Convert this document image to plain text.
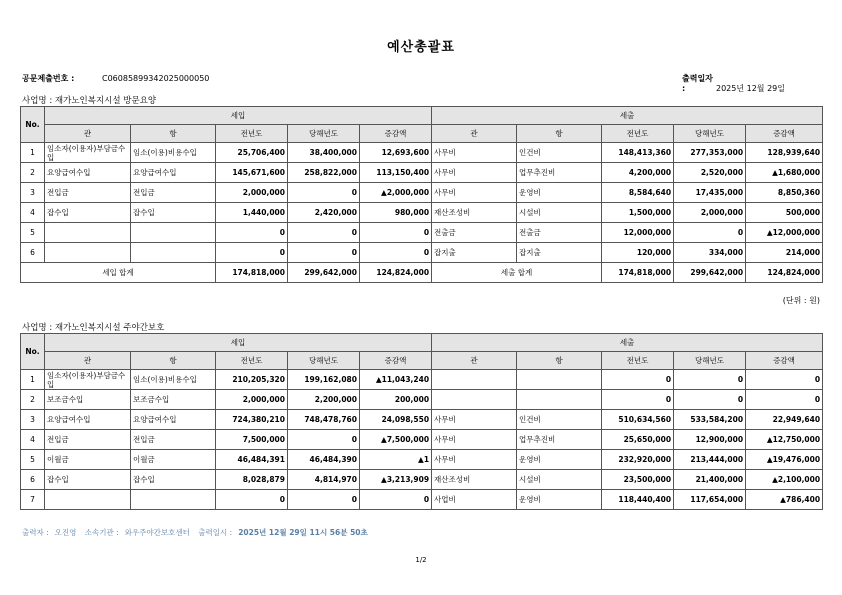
예산총괄표
공문제출번호 :	C06085899342025000050	출력일자 :	2025년 12월 29일
사업명 : 재가노인복지시설 방문요양
No.	세입					세출				
	관	항	전년도	당해년도	증감액	관	항	전년도	당해년도	증감액
1	임소자(이용자)부담금수입	임소(이용)비용수입	25,706,400	38,400,000	12,693,600	사무비	인건비	148,413,360	277,353,000	128,939,640
2	요양급여수입	요양급여수입	145,671,600	258,822,000	113,150,400	사무비	업무추진비	4,200,000	2,520,000	▲1,680,000
3	전입금	전입금	2,000,000	0	▲2,000,000	사무비	운영비	8,584,640	17,435,000	8,850,360
4	잡수입	잡수입	1,440,000	2,420,000	980,000	재산조성비	시설비	1,500,000	2,000,000	500,000
5			0	0	0	전출금	전출금	12,000,000	0	▲12,000,000
6			0	0	0	잡지출	잡지출	120,000	334,000	214,000
세입 합계			174,818,000	299,642,000	124,824,000	세출 합계		174,818,000	299,642,000	124,824,000
(단위 : 원)
사업명 : 재가노인복지시설 주야간보호
No.	세입					세출				
	관	항	전년도	당해년도	증감액	관	항	전년도	당해년도	증감액
1	임소자(이용자)부담금수입	임소(이용)비용수입	210,205,320	199,162,080	▲11,043,240			0	0	0
2	보조금수입	보조금수입	2,000,000	2,200,000	200,000			0	0	0
3	요양급여수입	요양급여수입	724,380,210	748,478,760	24,098,550	사무비	인건비	510,634,560	533,584,200	22,949,640
4	전입금	전입금	7,500,000	0	▲7,500,000	사무비	업무추진비	25,650,000	12,900,000	▲12,750,000
5	이월금	이월금	46,484,391	46,484,390	▲1	사무비	운영비	232,920,000	213,444,000	▲19,476,000
6	잡수입	잡수입	8,028,879	4,814,970	▲3,213,909	재산조성비	시설비	23,500,000	21,400,000	▲2,100,000
7			0	0	0	사업비	운영비	118,440,400	117,654,000	▲786,400
출력자 : 오진영 소속기관 : 와우주야간보호센터 출력일시 : 2025년 12월 29일 11시 56분 50초
1/2
